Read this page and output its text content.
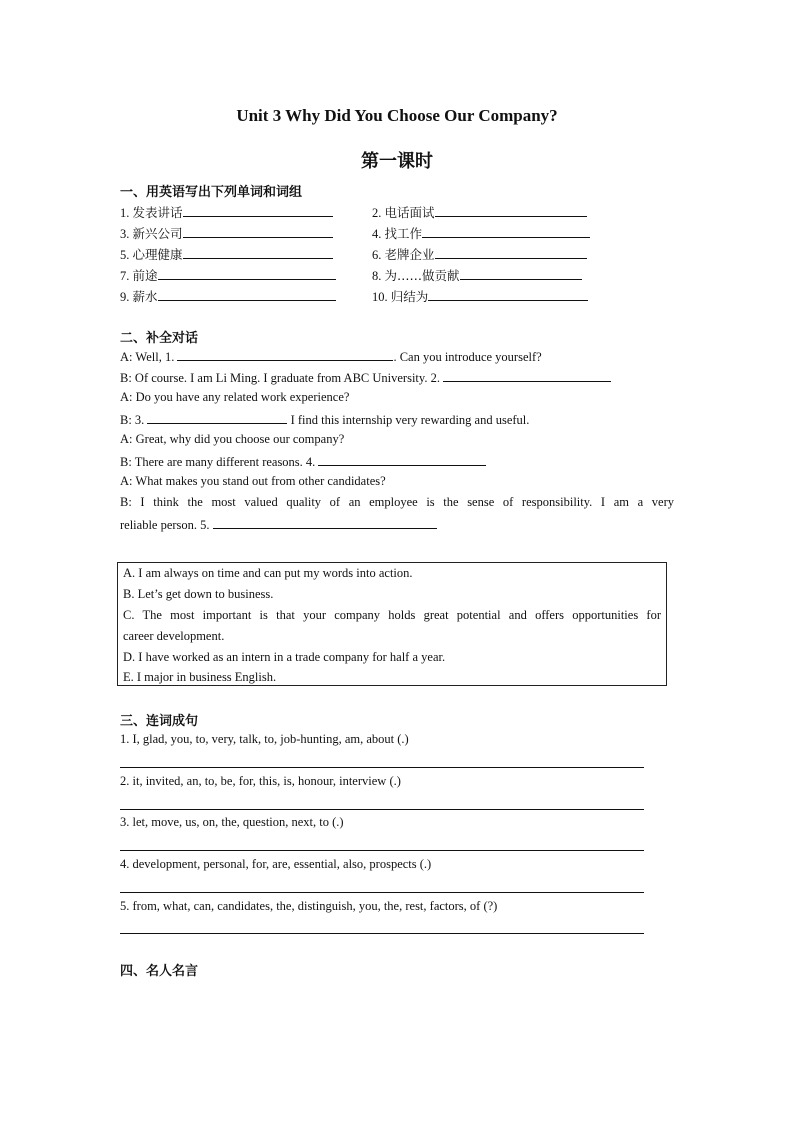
Unit 3 Why Did You Choose Our Company?
第一课时
一、用英语写出下列单词和词组
1. 发表讲话	2. 电话面试
3. 新兴公司	4. 找工作
5. 心理健康	6. 老牌企业
7. 前途	8. 为……做贡献
9. 薪水	10. 归结为
二、补全对话
A: Well, 1.	. Can you introduce yourself?
B: Of course. I am Li Ming. I graduate from ABC University. 2.
A: Do you have any related work experience?
B: 3.	I find this internship very rewarding and useful.
A: Great, why did you choose our company?
B: There are many different reasons. 4.
A: What makes you stand out from other candidates?
B: I think the most valued quality of an employee is the sense of responsibility. I am a very
reliable person. 5.
A. I am always on time and can put my words into action.
B. Let’s get down to business.
C. The most important is that your company holds great potential and offers opportunities for
career development.
D. I have worked as an intern in a trade company for half a year.
E. I major in business English.
三、连词成句
1. I, glad, you, to, very, talk, to, job-hunting, am, about (.)
2. it, invited, an, to, be, for, this, is, honour, interview (.)
3. let, move, us, on, the, question, next, to (.)
4. development, personal, for, are, essential, also, prospects (.)
5. from, what, can, candidates, the, distinguish, you, the, rest, factors, of (?)
四、名人名言
